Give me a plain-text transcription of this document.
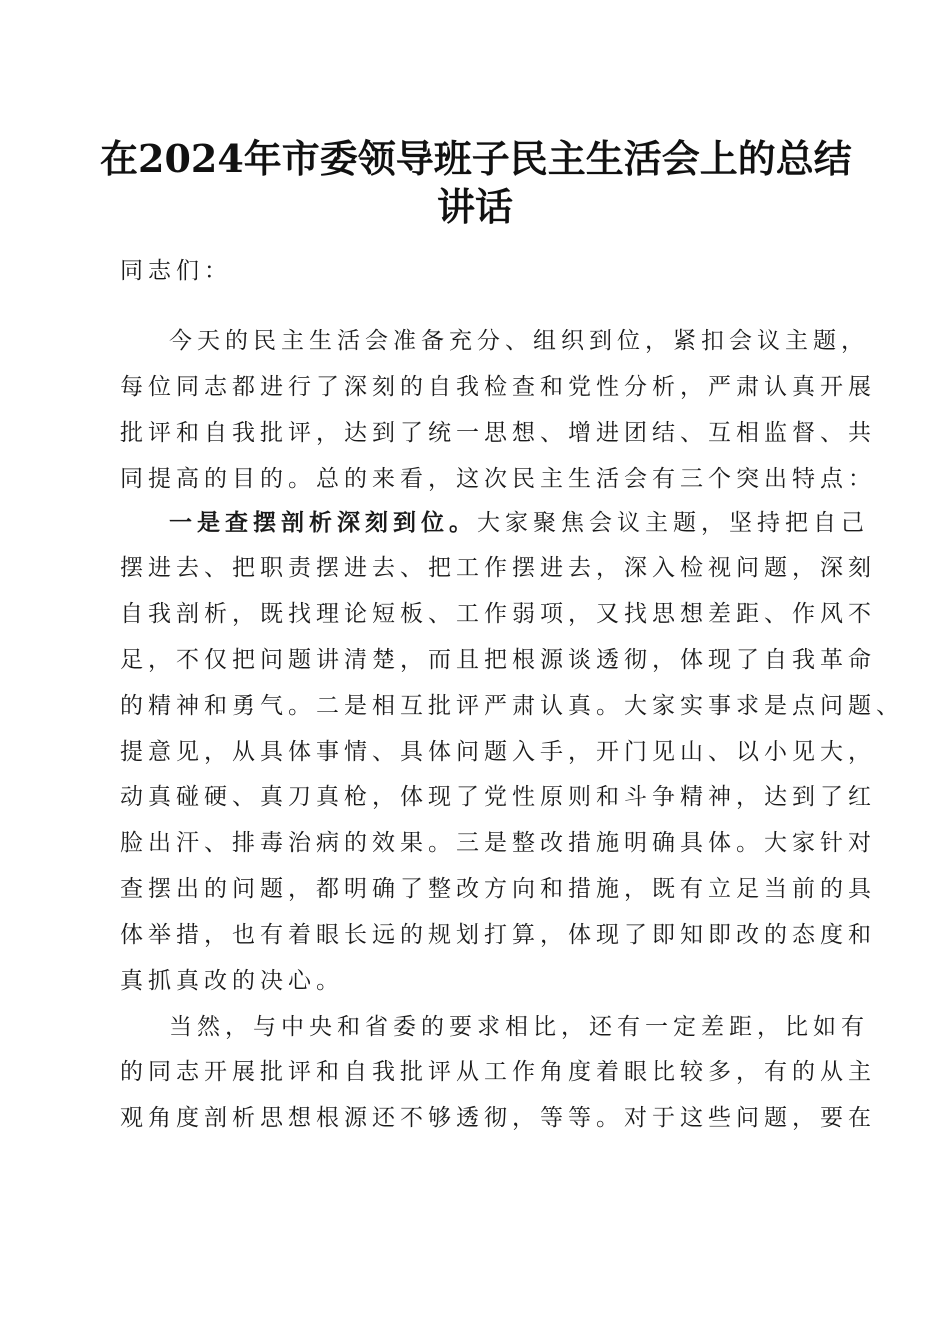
在2024年市委领导班子民主生活会上的总结
讲话
同志们：
今天的民主生活会准备充分、组织到位，紧扣会议主题，
每位同志都进行了深刻的自我检查和党性分析，严肃认真开展
批评和自我批评，达到了统一思想、增进团结、互相监督、共
同提高的目的。总的来看，这次民主生活会有三个突出特点：
一是查摆剖析深刻到位。大家聚焦会议主题，坚持把自己
摆进去、把职责摆进去、把工作摆进去，深入检视问题，深刻
自我剖析，既找理论短板、工作弱项，又找思想差距、作风不
足，不仅把问题讲清楚，而且把根源谈透彻，体现了自我革命
的精神和勇气。二是相互批评严肃认真。大家实事求是点问题、
提意见，从具体事情、具体问题入手，开门见山、以小见大，
动真碰硬、真刀真枪，体现了党性原则和斗争精神，达到了红
脸出汗、排毒治病的效果。三是整改措施明确具体。大家针对
查摆出的问题，都明确了整改方向和措施，既有立足当前的具
体举措，也有着眼长远的规划打算，体现了即知即改的态度和
真抓真改的决心。
当然，与中央和省委的要求相比，还有一定差距，比如有
的同志开展批评和自我批评从工作角度着眼比较多，有的从主
观角度剖析思想根源还不够透彻，等等。对于这些问题，要在
